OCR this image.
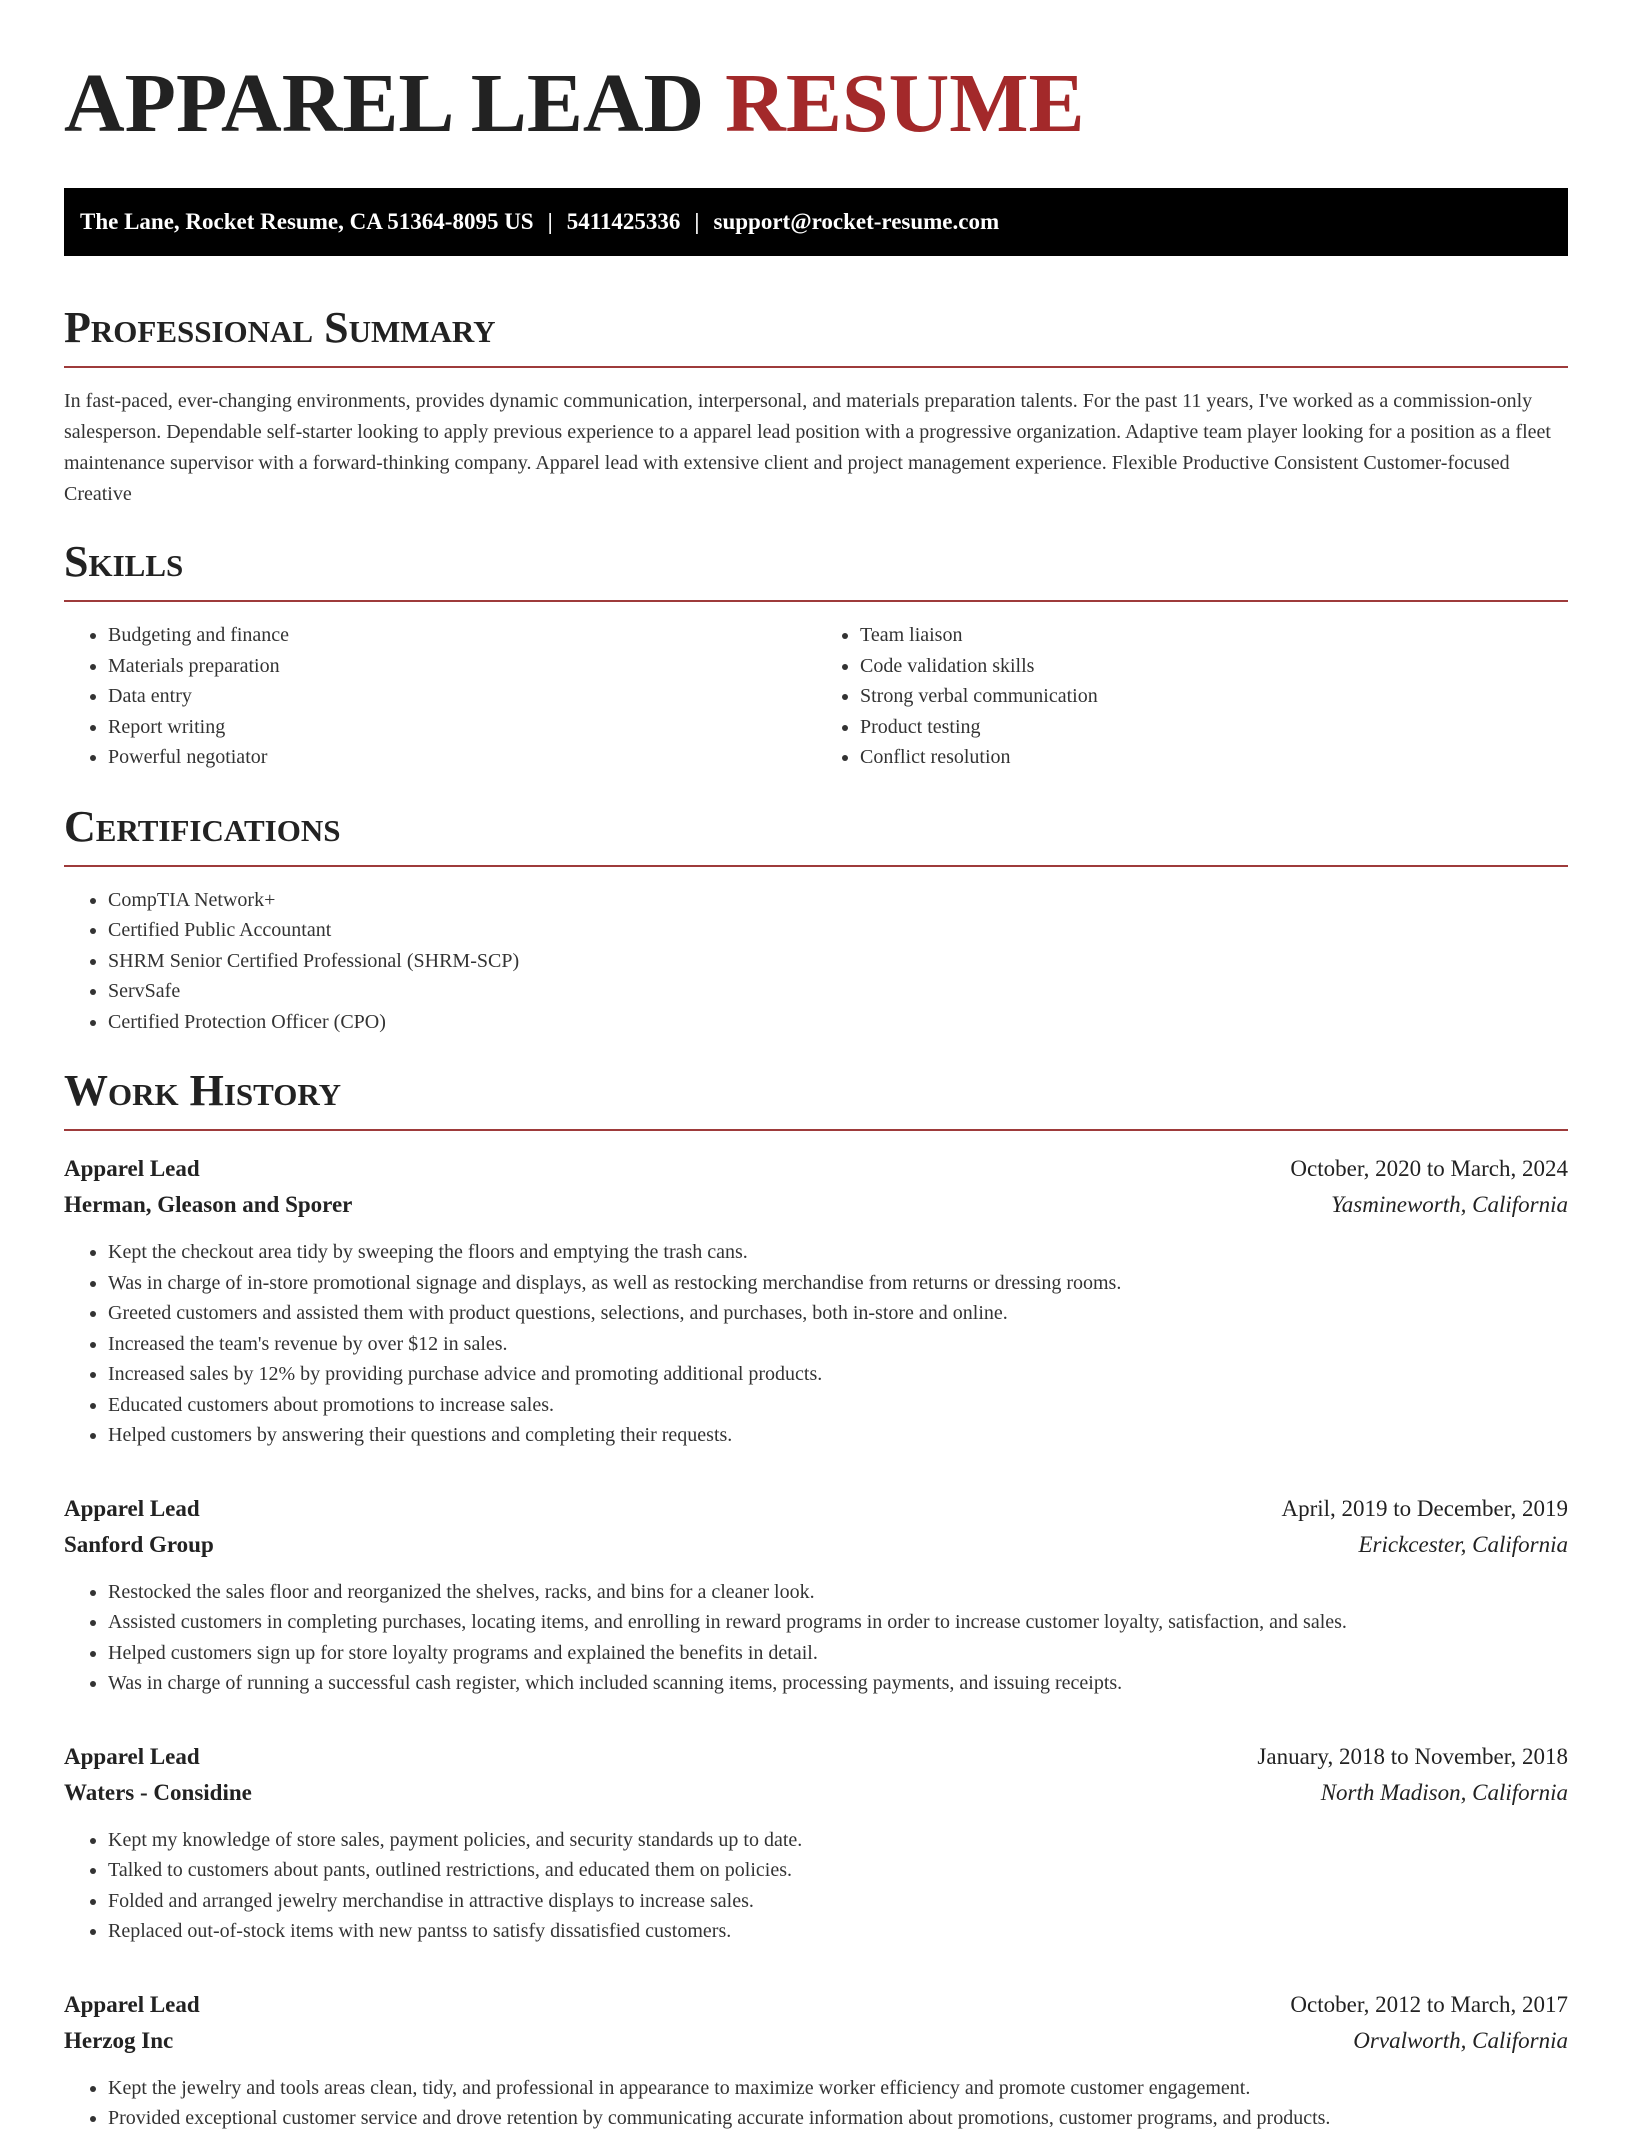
APPAREL LEAD RESUME
The Lane, Rocket Resume, CA 51364-8095 US | 5411425336 | support@rocket-resume.com
Professional Summary

In fast-paced, ever-changing environments, provides dynamic communication, interpersonal, and materials preparation talents. For the past 11 years, I've worked as a commission-only salesperson. Dependable self-starter looking to apply previous experience to a apparel lead position with a progressive organization. Adaptive team player looking for a position as a fleet maintenance supervisor with a forward-thinking company. Apparel lead with extensive client and project management experience. Flexible Productive Consistent Customer-focused Creative

Skills
• Budgeting and finance
• Materials preparation
• Data entry
• Report writing
• Powerful negotiator
• Team liaison
• Code validation skills
• Strong verbal communication
• Product testing
• Conflict resolution
Certifications
• CompTIA Network+
• Certified Public Accountant
• SHRM Senior Certified Professional (SHRM-SCP)
• ServSafe
• Certified Protection Officer (CPO)
Work History
Apparel Lead	October, 2020 to March, 2024
Herman, Gleason and Sporer	Yasmineworth, California
• Kept the checkout area tidy by sweeping the floors and emptying the trash cans.
• Was in charge of in-store promotional signage and displays, as well as restocking merchandise from returns or dressing rooms.
• Greeted customers and assisted them with product questions, selections, and purchases, both in-store and online.
• Increased the team's revenue by over $12 in sales.
• Increased sales by 12% by providing purchase advice and promoting additional products.
• Educated customers about promotions to increase sales.
• Helped customers by answering their questions and completing their requests.
Apparel Lead	April, 2019 to December, 2019
Sanford Group	Erickcester, California
• Restocked the sales floor and reorganized the shelves, racks, and bins for a cleaner look.
• Assisted customers in completing purchases, locating items, and enrolling in reward programs in order to increase customer loyalty, satisfaction, and sales.
• Helped customers sign up for store loyalty programs and explained the benefits in detail.
• Was in charge of running a successful cash register, which included scanning items, processing payments, and issuing receipts.
Apparel Lead	January, 2018 to November, 2018
Waters - Considine	North Madison, California
• Kept my knowledge of store sales, payment policies, and security standards up to date.
• Talked to customers about pants, outlined restrictions, and educated them on policies.
• Folded and arranged jewelry merchandise in attractive displays to increase sales.
• Replaced out-of-stock items with new pantss to satisfy dissatisfied customers.
Apparel Lead	October, 2012 to March, 2017
Herzog Inc	Orvalworth, California
• Kept the jewelry and tools areas clean, tidy, and professional in appearance to maximize worker efficiency and promote customer engagement.
• Provided exceptional customer service and drove retention by communicating accurate information about promotions, customer programs, and products.
